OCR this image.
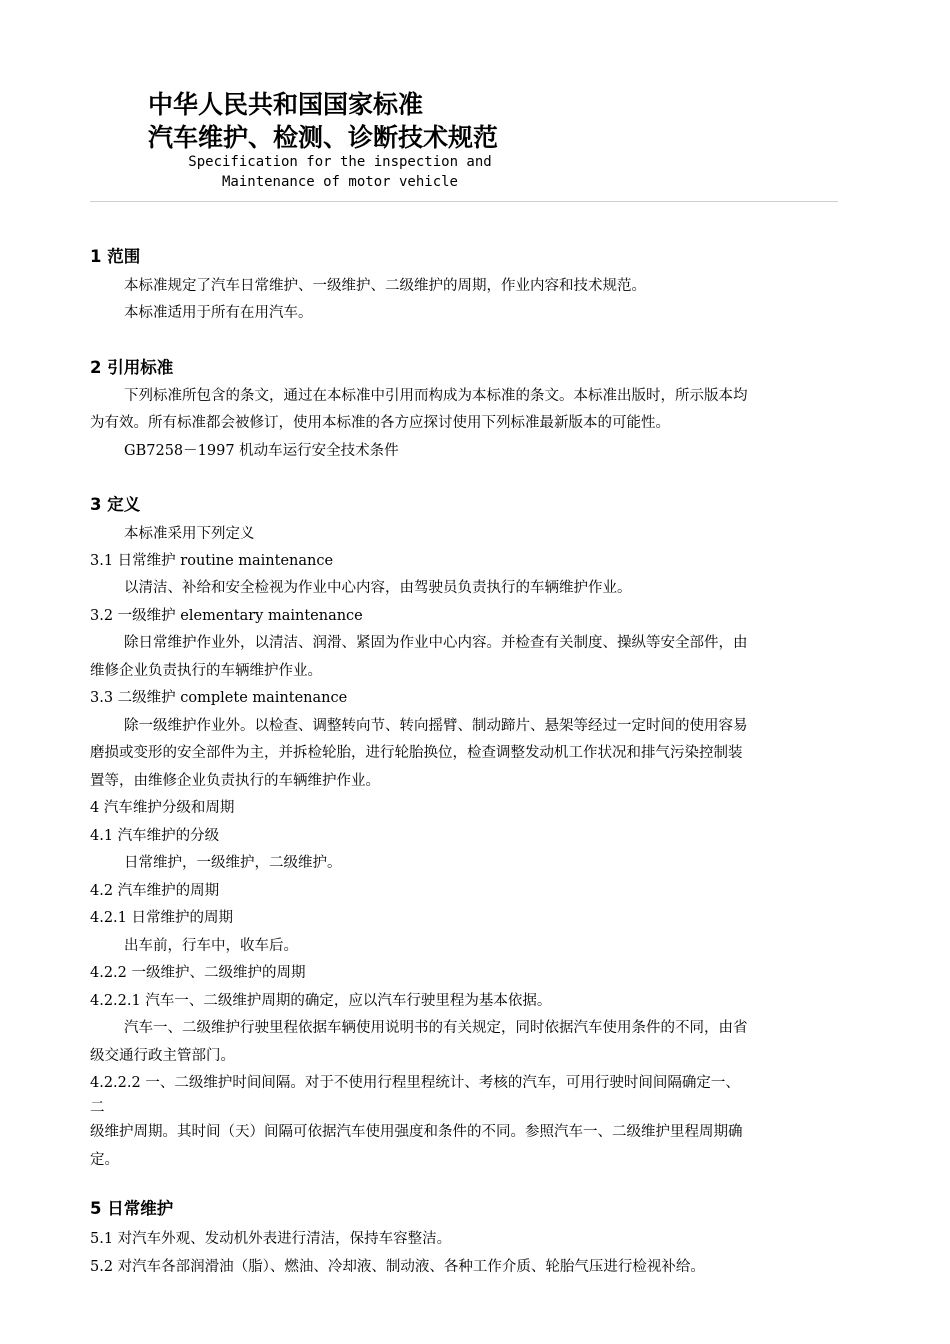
中华人民共和国国家标准
汽车维护、检测、诊断技术规范
Specification for the inspection and
Maintenance of motor vehicle
1 范围
本标准规定了汽车日常维护、一级维护、二级维护的周期，作业内容和技术规范。
本标准适用于所有在用汽车。
2 引用标准
下列标准所包含的条文，通过在本标准中引用而构成为本标准的条文。本标准出版时，所示版本均
为有效。所有标准都会被修订，使用本标准的各方应探讨使用下列标准最新版本的可能性。
GB7258－1997 机动车运行安全技术条件
3 定义
本标准采用下列定义
3.1 日常维护 routine maintenance
以清洁、补给和安全检视为作业中心内容，由驾驶员负责执行的车辆维护作业。
3.2 一级维护 elementary maintenance
除日常维护作业外，以清洁、润滑、紧固为作业中心内容。并检查有关制度、操纵等安全部件，由
维修企业负责执行的车辆维护作业。
3.3 二级维护 complete maintenance
除一级维护作业外。以检查、调整转向节、转向摇臂、制动蹄片、悬架等经过一定时间的使用容易
磨损或变形的安全部件为主，并拆检轮胎，进行轮胎换位，检查调整发动机工作状况和排气污染控制装
置等，由维修企业负责执行的车辆维护作业。
4 汽车维护分级和周期
4.1 汽车维护的分级
日常维护，一级维护，二级维护。
4.2 汽车维护的周期
4.2.1 日常维护的周期
出车前，行车中，收车后。
4.2.2 一级维护、二级维护的周期
4.2.2.1 汽车一、二级维护周期的确定，应以汽车行驶里程为基本依据。
汽车一、二级维护行驶里程依据车辆使用说明书的有关规定，同时依据汽车使用条件的不同，由省
级交通行政主管部门。
4.2.2.2 一、二级维护时间间隔。对于不使用行程里程统计、考核的汽车，可用行驶时间间隔确定一、
二
级维护周期。其时间（天）间隔可依据汽车使用强度和条件的不同。参照汽车一、二级维护里程周期确
定。
5 日常维护
5.1 对汽车外观、发动机外表进行清洁，保持车容整洁。
5.2 对汽车各部润滑油（脂）、燃油、冷却液、制动液、各种工作介质、轮胎气压进行检视补给。
